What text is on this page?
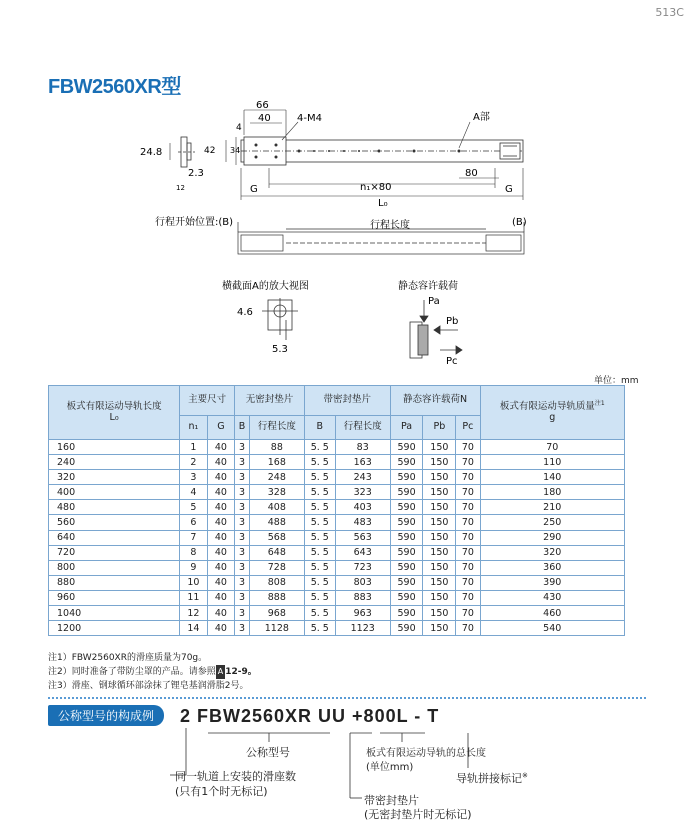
513C
FBW2560XR型
66
4
40	4-M4	A部
24.8	42 34
2.3
12
80
G	G
n₁×80
L₀
行程开始位置:(B)	行程长度	(B)
横截面A的放大视图
4.6
5.3
静态容许载荷
Pa
Pb
Pc
单位：mm
板式有限运动导轨长度
L₀	主要尺寸		无密封垫片		带密封垫片		静态容许载荷N			板式有限运动导轨质量$^{注1}$
g
	n₁	G	B	行程长度	B	行程长度	Pa	Pb	Pc	
160	1	40	3	88	5. 5	83	590	150	70	70
240	2	40	3	168	5. 5	163	590	150	70	110
320	3	40	3	248	5. 5	243	590	150	70	140
400	4	40	3	328	5. 5	323	590	150	70	180
480	5	40	3	408	5. 5	403	590	150	70	210
560	6	40	3	488	5. 5	483	590	150	70	250
640	7	40	3	568	5. 5	563	590	150	70	290
720	8	40	3	648	5. 5	643	590	150	70	320
800	9	40	3	728	5. 5	723	590	150	70	360
880	10	40	3	808	5. 5	803	590	150	70	390
960	11	40	3	888	5. 5	883	590	150	70	430
1040	12	40	3	968	5. 5	963	590	150	70	460
1200	14	40	3	1128	5. 5	1123	590	150	70	540
注1）FBW2560XR的滑座质量为70g。
注2）同时准备了带防尘罩的产品。请参照 A 12-9。
注3）滑座、钢球循环部涂抹了锂皂基润滑脂2号。
公称型号的构成例	2 FBW2560XR UU +800L - T
公称型号	板式有限运动导轨的总长度
(单位mm)
导轨拼接标记※
同一轨道上安装的滑座数
(只有1个时无标记)
带密封垫片
(无密封垫片时无标记)
